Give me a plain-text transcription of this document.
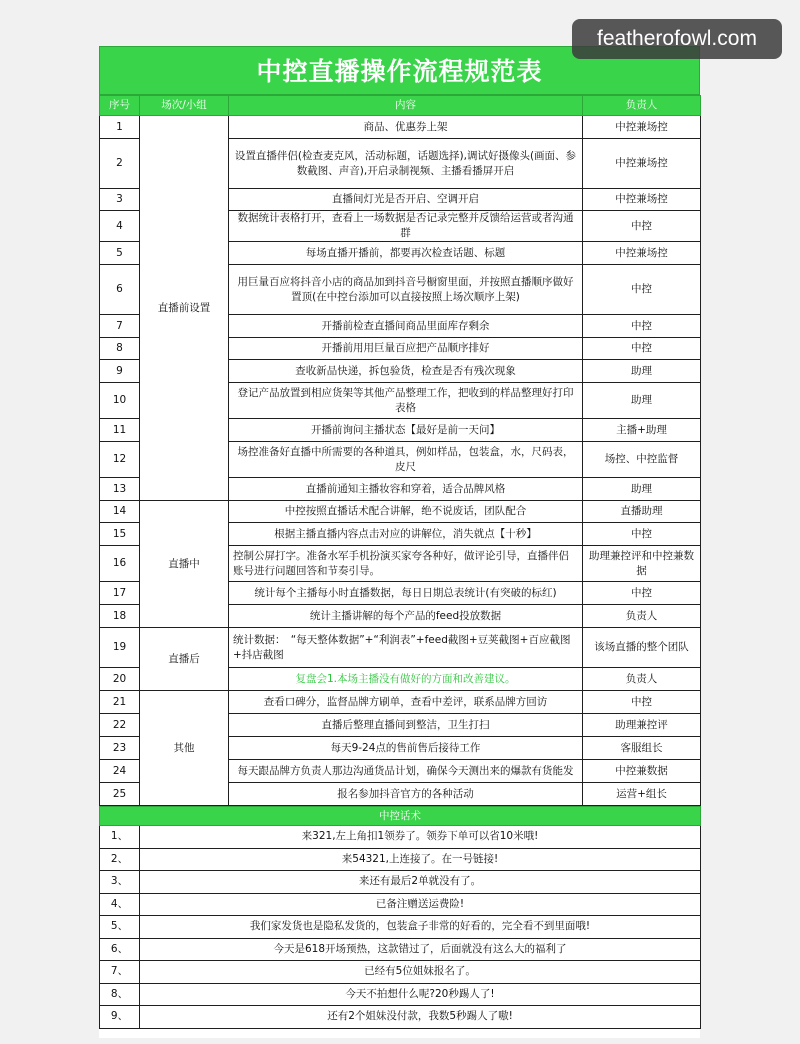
中控直播操作流程规范表
序号	场次/小组	内容	负责人
1	直播前设置	商品、优惠券上架	中控兼场控
2		设置直播伴侣(检查麦克风，活动标题，话题选择),调试好摄像头(画面、参数截图、声音),开启录制视频、主播看播屏开启	中控兼场控
3		直播间灯光是否开启、空调开启	中控兼场控
4		数据统计表格打开，查看上一场数据是否记录完整并反馈给运营或者沟通群	中控
5		每场直播开播前，都要再次检查话题、标题	中控兼场控
6		用巨量百应将抖音小店的商品加到抖音号橱窗里面，并按照直播顺序做好置顶(在中控台添加可以直接按照上场次顺序上架)	中控
7		开播前检查直播间商品里面库存剩余	中控
8		开播前用用巨量百应把产品顺序排好	中控
9		查收新品快递，拆包验货，检查是否有残次现象	助理
10		登记产品放置到相应货架等其他产品整理工作，把收到的样品整理好打印表格	助理
11		开播前询问主播状态【最好是前一天问】	主播+助理
12		场控准备好直播中所需要的各种道具，例如样品，包装盒，水，尺码表，皮尺	场控、中控监督
13		直播前通知主播妆容和穿着，适合品牌风格	助理
14	直播中	中控按照直播话术配合讲解，绝不说废话，团队配合	直播助理
15		根据主播直播内容点击对应的讲解位，消失就点【十秒】	中控
16		控制公屏打字。准备水军手机扮演买家夸各种好，做评论引导，直播伴侣账号进行问题回答和节奏引导。	助理兼控评和中控兼数据
17		统计每个主播每小时直播数据，每日日期总表统计(有突破的标红)	中控
18		统计主播讲解的每个产品的feed投放数据	负责人
19	直播后	统计数据：　“每天整体数据”+“利润表”+feed截图+豆荚截图+百应截图+抖店截图	该场直播的整个团队
20		复盘会1.本场主播没有做好的方面和改善建议。	负责人
21	其他	查看口碑分，监督品牌方刷单，查看中差评，联系品牌方回访	中控
22		直播后整理直播间到整洁，卫生打扫	助理兼控评
23		每天9-24点的售前售后接待工作	客服组长
24		每天跟品牌方负责人那边沟通货品计划，确保今天测出来的爆款有货能发	中控兼数据
25		报名参加抖音官方的各种活动	运营+组长
中控话术	
1、	来321,左上角扣1领券了。领券下单可以省10米哦!
2、	来54321,上连接了。在一号链接!
3、	来还有最后2单就没有了。
4、	已备注赠送运费险!
5、	我们家发货也是隐私发货的，包装盒子非常的好看的，完全看不到里面哦!
6、	今天是618开场预热，这款错过了，后面就没有这么大的福利了
7、	已经有5位姐妹报名了。
8、	今天不拍想什么呢?20秒踢人了!
9、	还有2个姐妹没付款，我数5秒踢人了嗷!
featherofowl.com
